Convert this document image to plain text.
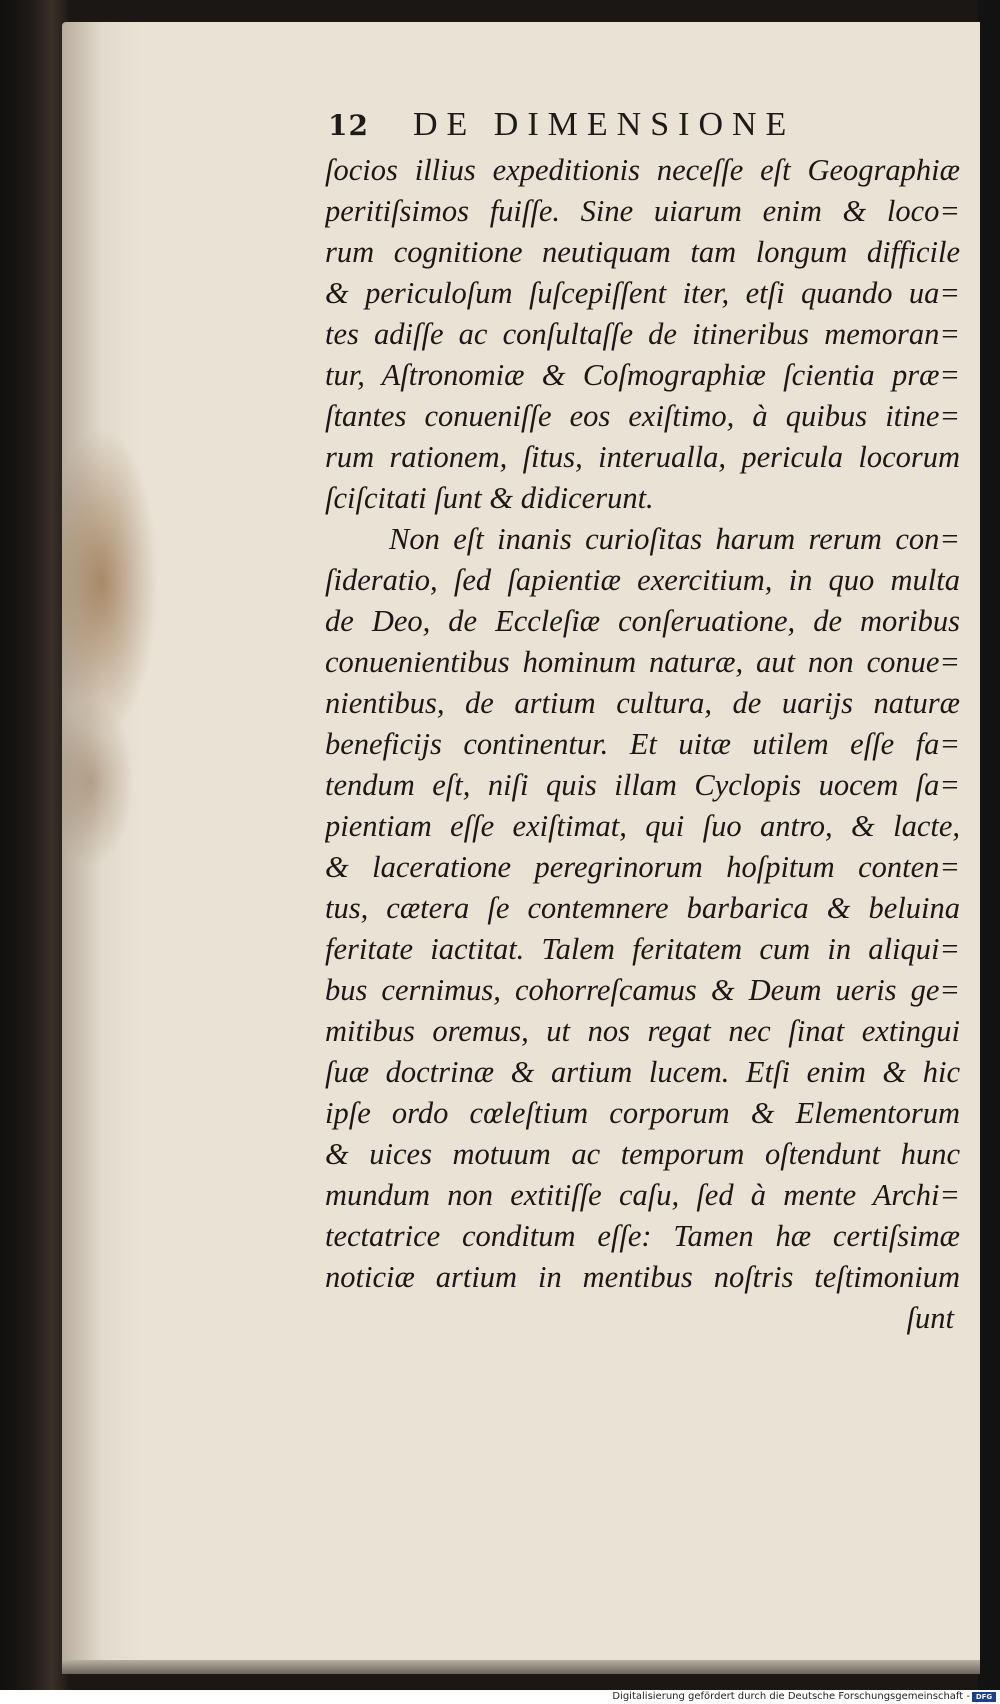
12 DE DIMENSIONE
ſocios illius expeditionis neceſſe eſt Geographiæ
peritiſsimos fuiſſe. Sine uiarum enim & loco=
rum cognitione neutiquam tam longum difficile
& periculoſum ſuſcepiſſent iter, etſi quando ua=
tes adiſſe ac conſultaſſe de itineribus memoran=
tur, Aſtronomiæ & Coſmographiæ ſcientia præ=
ſtantes conueniſſe eos exiſtimo, à quibus itine=
rum rationem, ſitus, interualla, pericula locorum
ſciſcitati ſunt & didicerunt.
Non eſt inanis curioſitas harum rerum con=
ſideratio, ſed ſapientiæ exercitium, in quo multa
de Deo, de Eccleſiæ conſeruatione, de moribus
conuenientibus hominum naturæ, aut non conue=
nientibus, de artium cultura, de uarijs naturæ
beneficijs continentur. Et uitæ utilem eſſe fa=
tendum eſt, niſi quis illam Cyclopis uocem ſa=
pientiam eſſe exiſtimat, qui ſuo antro, & lacte,
& laceratione peregrinorum hoſpitum conten=
tus, cætera ſe contemnere barbarica & beluina
feritate iactitat. Talem feritatem cum in aliqui=
bus cernimus, cohorreſcamus & Deum ueris ge=
mitibus oremus, ut nos regat nec ſinat extingui
ſuæ doctrinæ & artium lucem. Etſi enim & hic
ipſe ordo cœleſtium corporum & Elementorum
& uices motuum ac temporum oſtendunt hunc
mundum non extitiſſe caſu, ſed à mente Archi=
tectatrice conditum eſſe: Tamen hæ certiſsimæ
noticiæ artium in mentibus noſtris teſtimonium
ſunt
Digitalisierung gefördert durch die Deutsche Forschungsgemeinschaft - DFG
